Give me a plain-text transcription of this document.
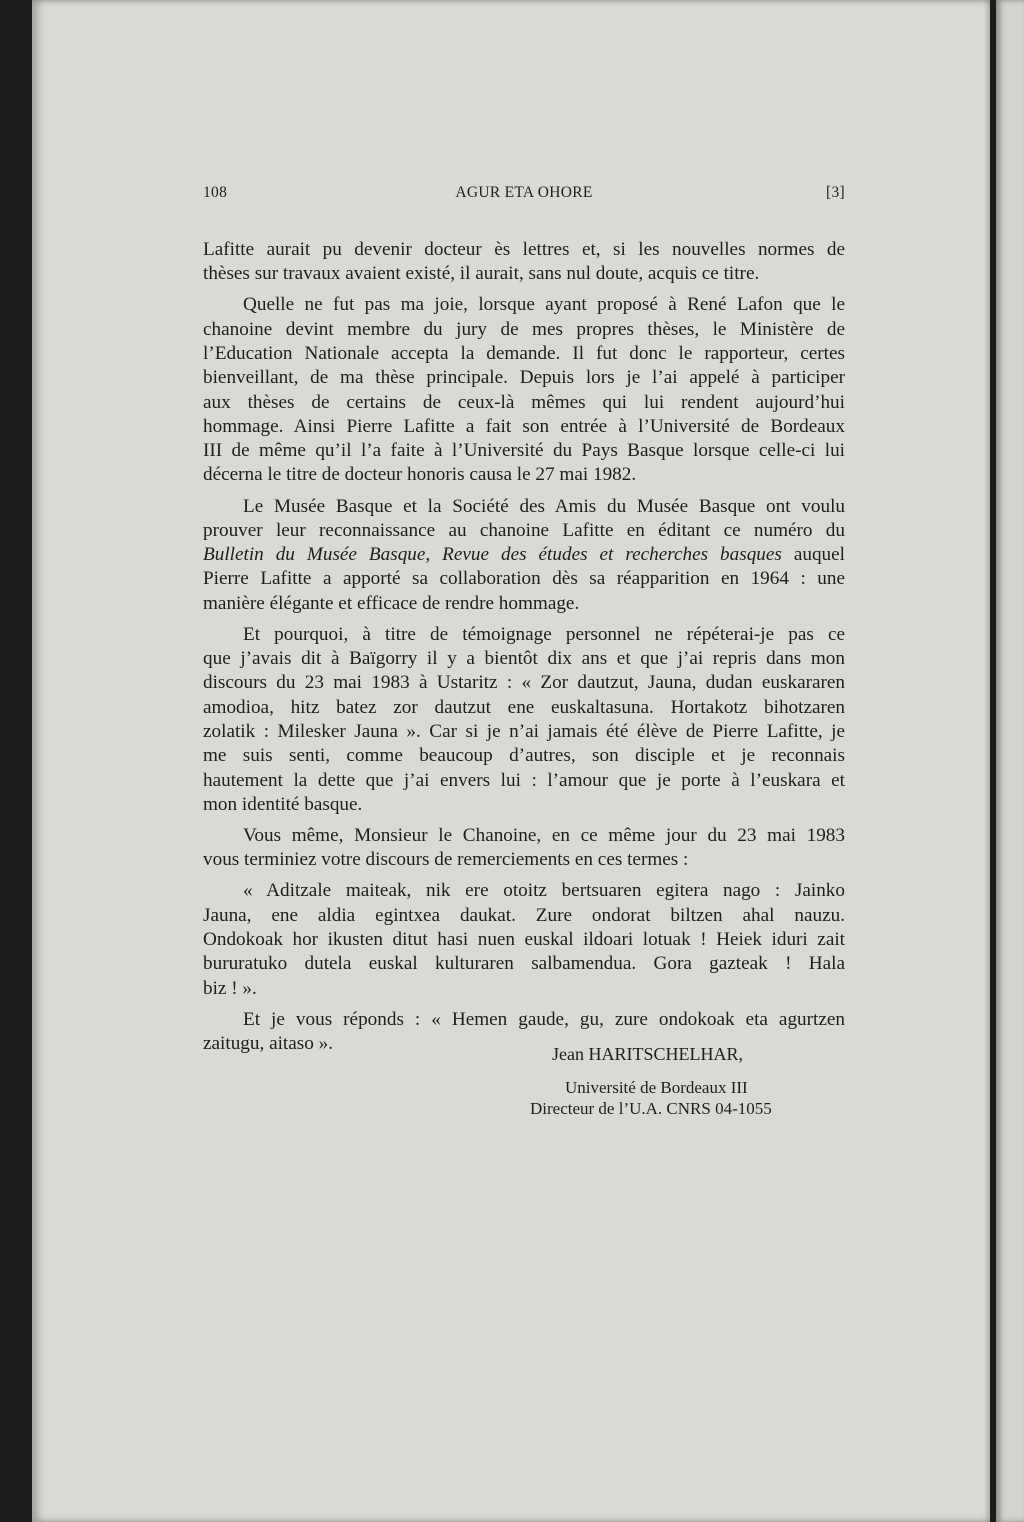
108	AGUR ETA OHORE	[3]
Lafitte aurait pu devenir docteur ès lettres et, si les nouvelles normes de
thèses sur travaux avaient existé, il aurait, sans nul doute, acquis ce titre.
Quelle ne fut pas ma joie, lorsque ayant proposé à René Lafon que le
chanoine devint membre du jury de mes propres thèses, le Ministère de
l’Education Nationale accepta la demande. Il fut donc le rapporteur, certes
bienveillant, de ma thèse principale. Depuis lors je l’ai appelé à participer
aux thèses de certains de ceux-là mêmes qui lui rendent aujourd’hui
hommage. Ainsi Pierre Lafitte a fait son entrée à l’Université de Bordeaux
III de même qu’il l’a faite à l’Université du Pays Basque lorsque celle-ci lui
décerna le titre de docteur honoris causa le 27 mai 1982.
Le Musée Basque et la Société des Amis du Musée Basque ont voulu
prouver leur reconnaissance au chanoine Lafitte en éditant ce numéro du
Bulletin du Musée Basque, Revue des études et recherches basques auquel
Pierre Lafitte a apporté sa collaboration dès sa réapparition en 1964 : une
manière élégante et efficace de rendre hommage.
Et pourquoi, à titre de témoignage personnel ne répéterai-je pas ce
que j’avais dit à Baïgorry il y a bientôt dix ans et que j’ai repris dans mon
discours du 23 mai 1983 à Ustaritz : « Zor dautzut, Jauna, dudan euskararen
amodioa, hitz batez zor dautzut ene euskaltasuna. Hortakotz bihotzaren
zolatik : Milesker Jauna ». Car si je n’ai jamais été élève de Pierre Lafitte, je
me suis senti, comme beaucoup d’autres, son disciple et je reconnais
hautement la dette que j’ai envers lui : l’amour que je porte à l’euskara et
mon identité basque.
Vous même, Monsieur le Chanoine, en ce même jour du 23 mai 1983
vous terminiez votre discours de remerciements en ces termes :
« Aditzale maiteak, nik ere otoitz bertsuaren egitera nago : Jainko
Jauna, ene aldia egintxea daukat. Zure ondorat biltzen ahal nauzu.
Ondokoak hor ikusten ditut hasi nuen euskal ildoari lotuak ! Heiek iduri zait
bururatuko dutela euskal kulturaren salbamendua. Gora gazteak ! Hala
biz ! ».
Et je vous réponds : « Hemen gaude, gu, zure ondokoak eta agurtzen
zaitugu, aitaso ».
Jean HARITSCHELHAR,
Université de Bordeaux III
Directeur de l’U.A. CNRS 04-1055
